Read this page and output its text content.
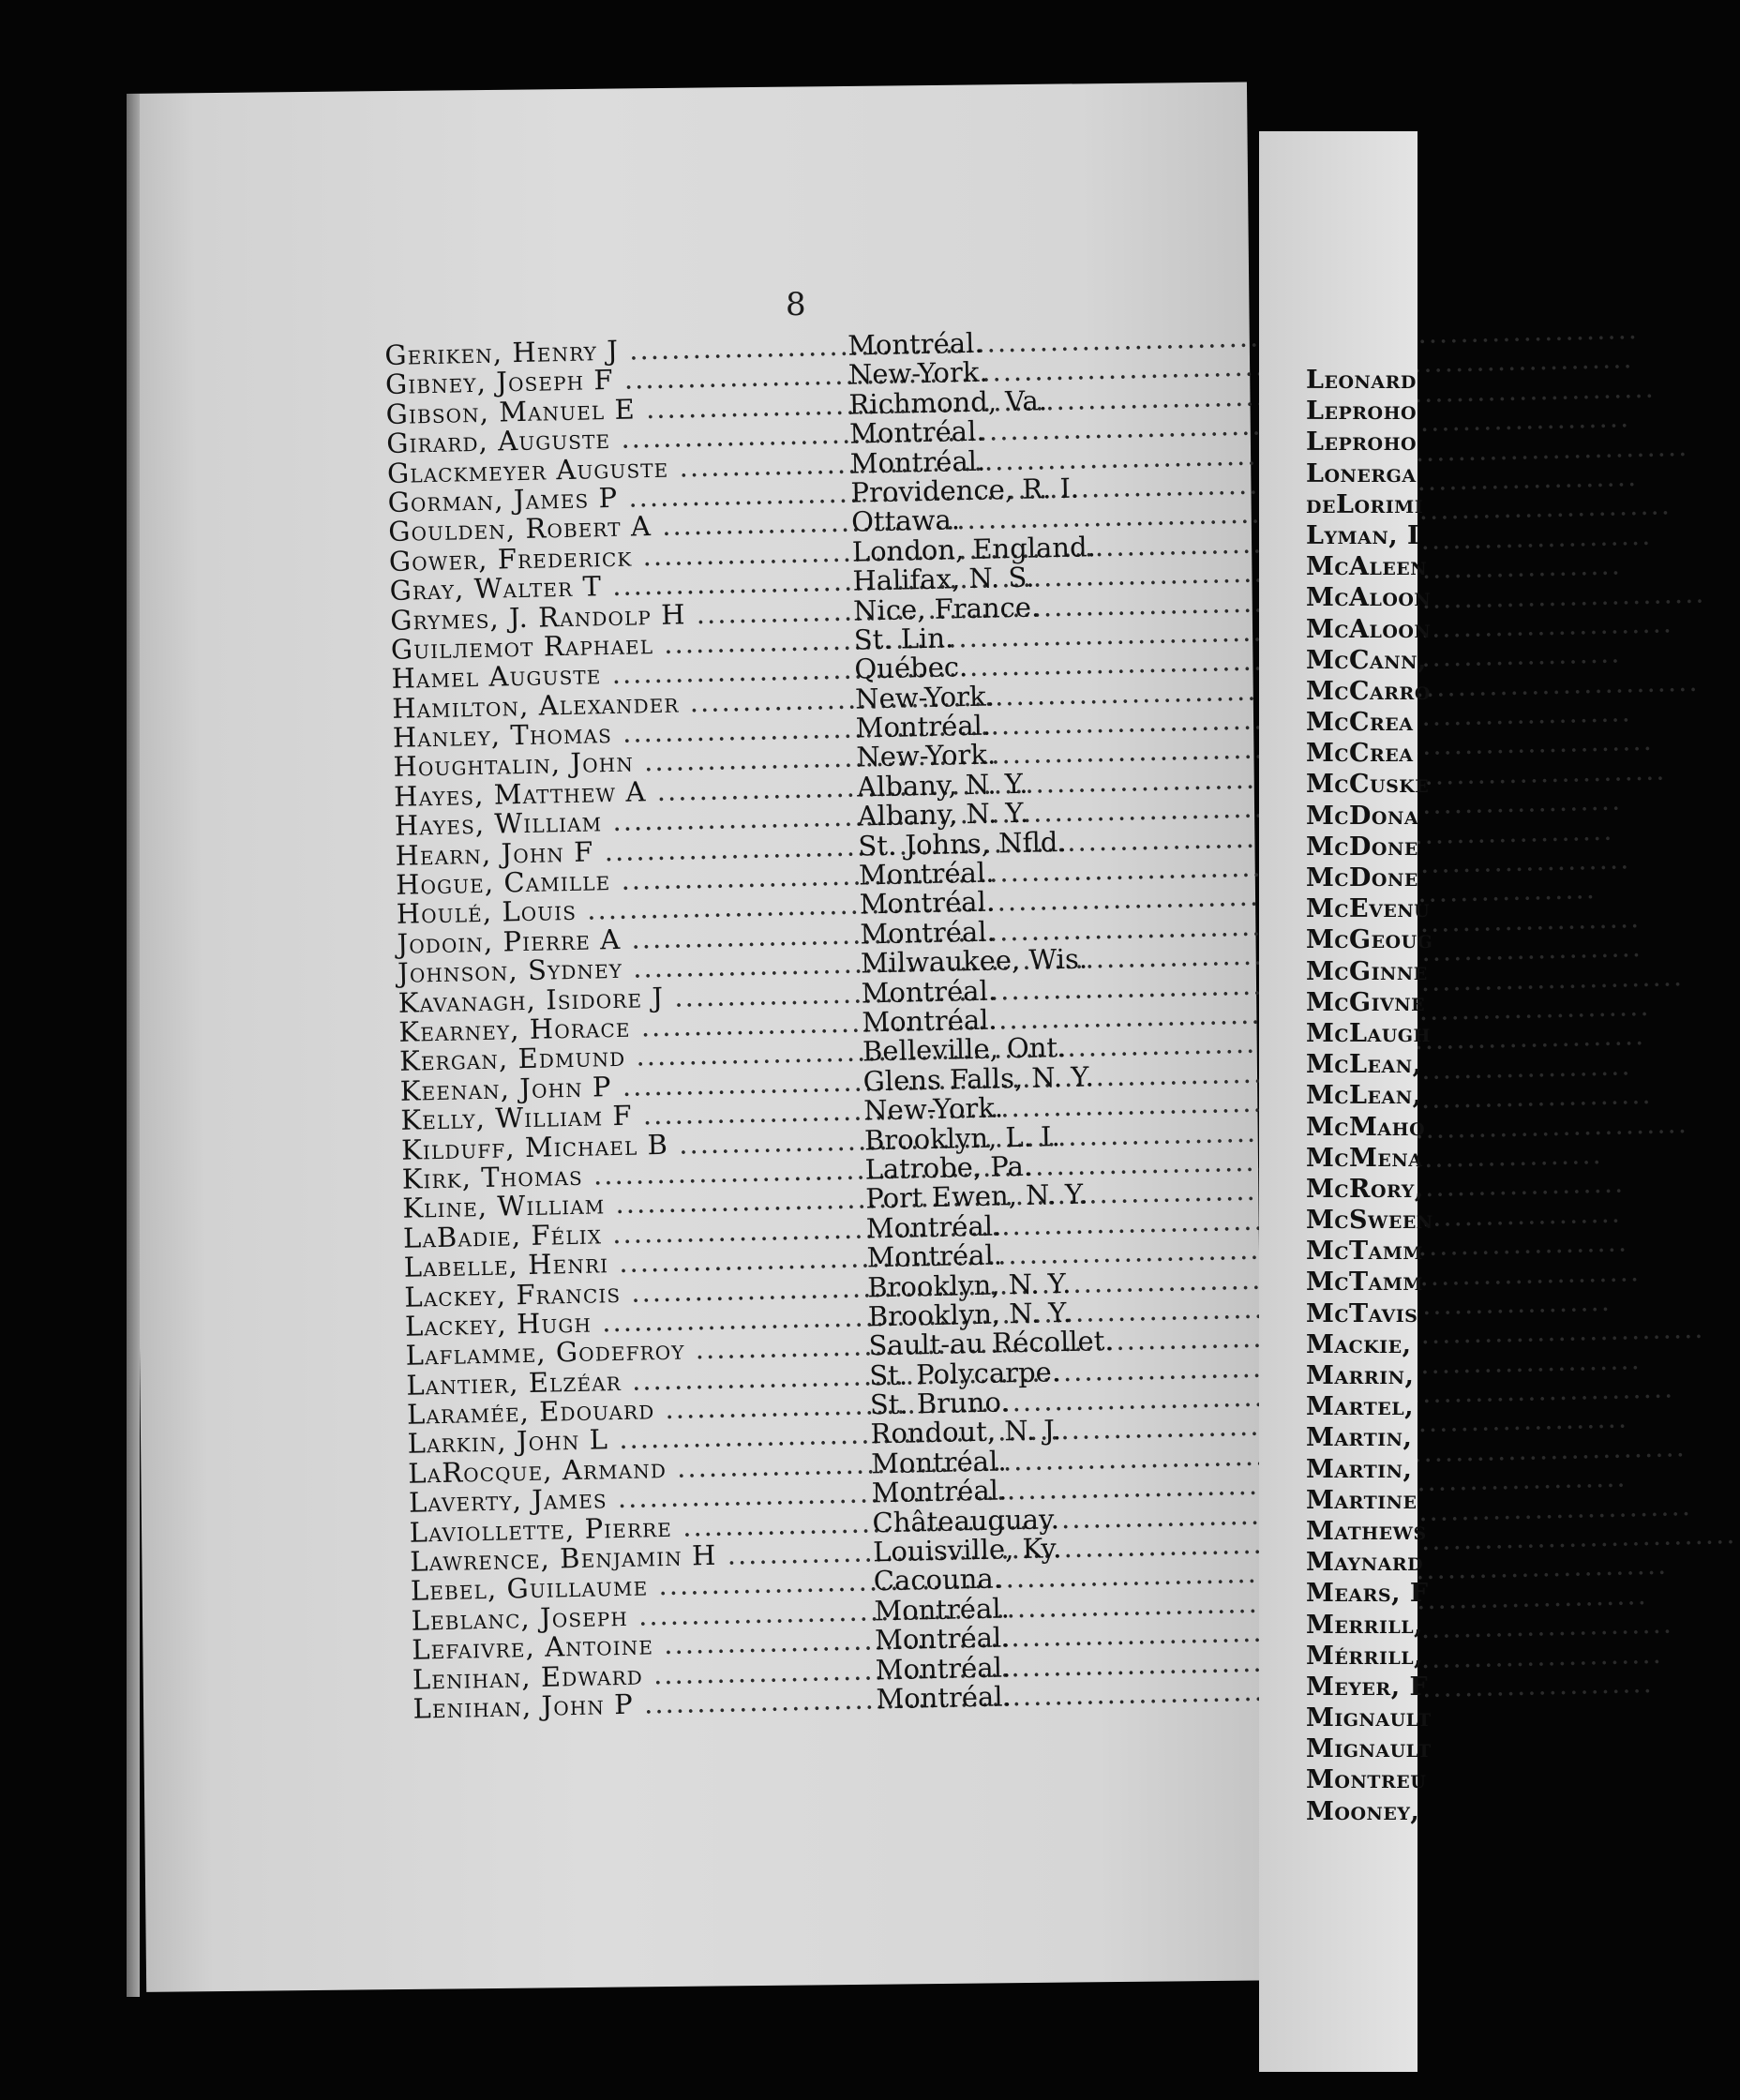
8
Geriken, Henry J .....	Montréal.
Gibney, Joseph F .....	New-York.
Gibson, Manuel E .....	Richmond, Va.
Girard, Auguste .....	Montréal.
Glackmeyer Auguste .....	Montréal.
Gorman, James P .....	Providence, R. I.
Goulden, Robert A .....	Ottawa.
Gower, Frederick .....	London, England.
Gray, Walter T .....	Halifax, N. S.
Grymes, J. Randolp H .....	Nice, France.
Guilлemot Raphael .....	St. Lin.
Hamel Auguste .....	Québec.
Hamilton, Alexander .....	New-York.
Hanley, Thomas .....	Montréal.
Houghtalin, John .....	New-York.
Hayes, Matthew A .....	Albany, N. Y.
Hayes, William .....	Albany, N. Y.
Hearn, John F .....	St. Johns, Nfld.
Hogue, Camille .....	Montréal.
Houlé, Louis .....	Montréal.
Jodoin, Pierre A .....	Montréal.
Johnson, Sydney .....	Milwaukee, Wis.
Kavanagh, Isidore J .....	Montréal.
Kearney, Horace .....	Montréal.
Kergan, Edmund .....	Belleville, Ont.
Keenan, John P .....	Glens Falls, N. Y.
Kelly, William F .....	New-York.
Kilduff, Michael B .....	Brooklyn, L. I.
Kirk, Thomas .....	Latrobe, Pa.
Kline, William .....	Port Ewen, N. Y.
LaBadie, Félix .....	Montréal.
Labelle, Henri .....	Montréal.
Lackey, Francis .....	Brooklyn, N. Y.
Lackey, Hugh .....	Brooklyn, N. Y.
Laflamme, Godefroy .....	Sault-au Récollet.
Lantier, Elzéar .....	St. Polycarpe.
Laramée, Edouard .....	St. Bruno.
Larkin, John L .....	Rondout, N. J.
LaRocque, Armand .....	Montréal.
Laverty, James .....	Montréal.
Laviollette, Pierre .....	Châteauguay.
Lawrence, Benjamin H .....	Louisville, Ky.
Lebel, Guillaume .....	Cacouna.
Leblanc, Joseph .....	Montréal.
Lefaivre, Antoine .....	Montréal.
Lenihan, Edward .....	Montréal.
Lenihan, John P .....	Montréal.
Leonard
Leproho
Leproho
Lonerga
deLorimi
Lyman, I
McAleen
McAloon
McAloon
McCann,
McCarro
McCrea
McCrea
McCuske
McDona
McDone
McDone
McEvenu
McGeoug
McGinne
McGivne
McLaugh
McLean,
McLean,
McMaho
McMena
McRory,
McSween
McTamm
McTamm
McTavis
Mackie,
Marrin,
Martel,
Martin,
Martin,
Martine
Mathews
Maynard
Mears, F
Merrill,
Mérrill,
Meyer, F
Mignault
Mignault
Montreu
Mooney,
